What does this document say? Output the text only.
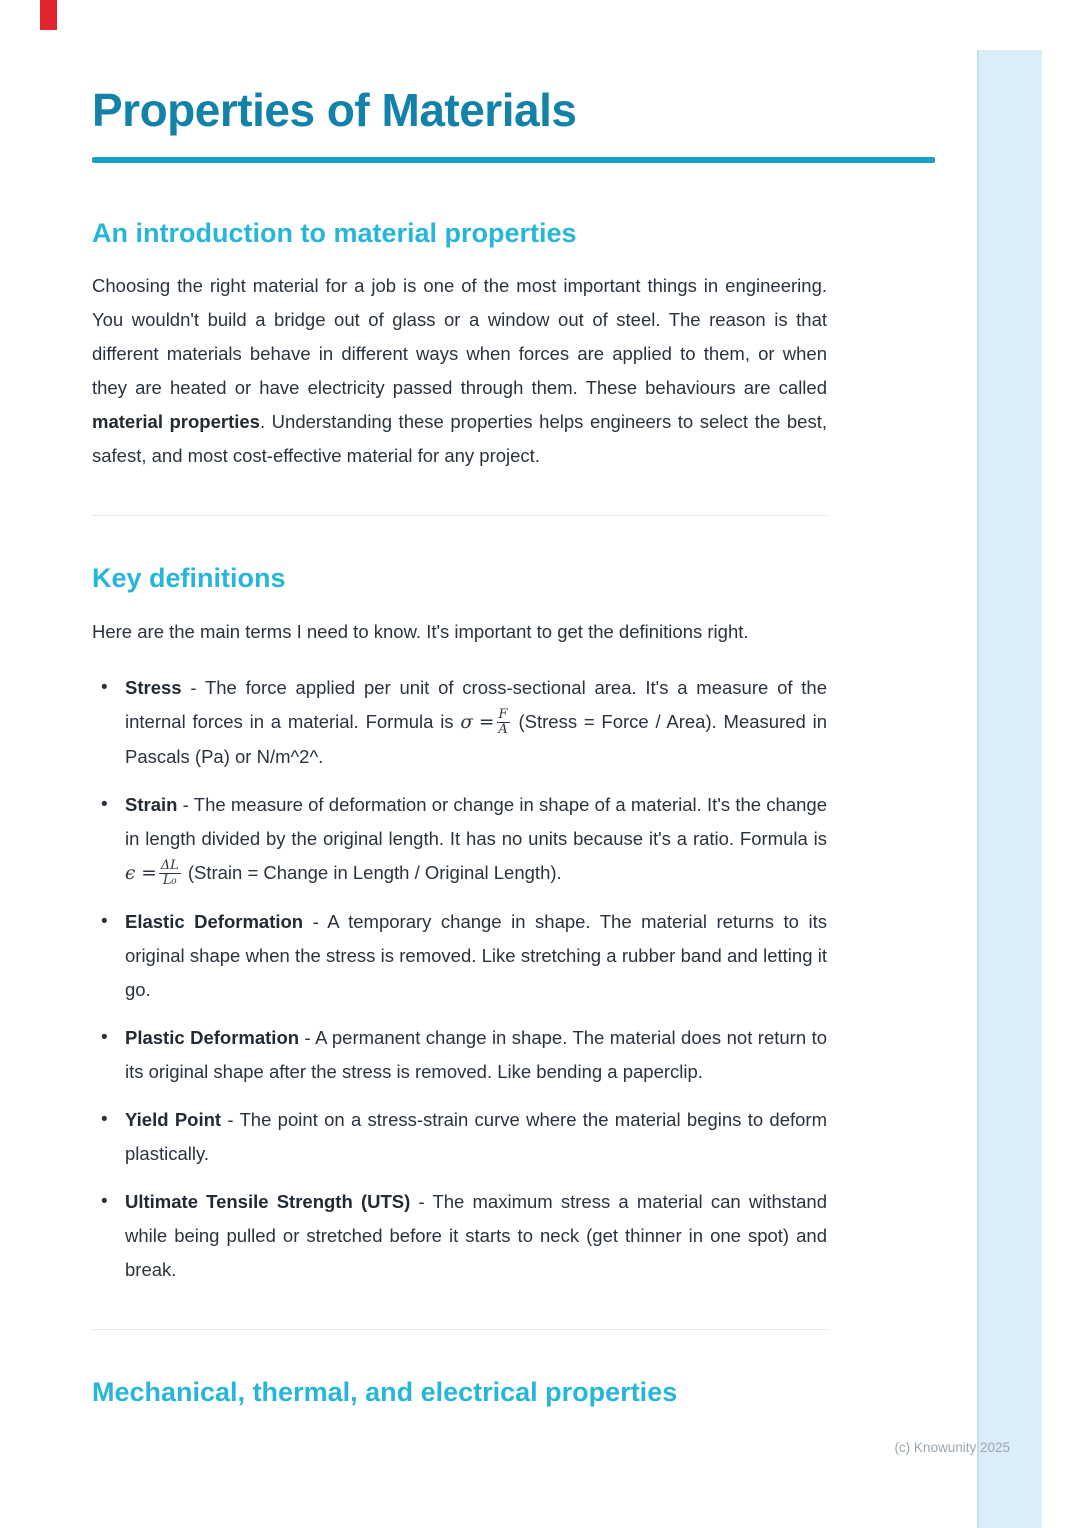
Properties of Materials
An introduction to material properties

Choosing the right material for a job is one of the most important things in engineering. You wouldn't build a bridge out of glass or a window out of steel. The reason is that different materials behave in different ways when forces are applied to them, or when they are heated or have electricity passed through them. These behaviours are called material properties. Understanding these properties helps engineers to select the best, safest, and most cost-effective material for any project.

Key definitions

Here are the main terms I need to know. It's important to get the definitions right.

• Stress - The force applied per unit of cross-sectional area. It's a measure of the internal forces in a material. Formula is $\sigma = \frac{F}{A}$ (Stress = Force / Area). Measured in Pascals (Pa) or N/m^2^.
• Strain - The measure of deformation or change in shape of a material. It's the change in length divided by the original length. It has no units because it's a ratio. Formula is
$\epsilon = \frac{\Delta L}{\text{L₀}}$ (Strain = Change in Length / Original Length).
• Elastic Deformation - A temporary change in shape. The material returns to its original shape when the stress is removed. Like stretching a rubber band and letting it go.
• Plastic Deformation - A permanent change in shape. The material does not return to its original shape after the stress is removed. Like bending a paperclip.
• Yield Point - The point on a stress-strain curve where the material begins to deform plastically.
• Ultimate Tensile Strength (UTS) - The maximum stress a material can withstand while being pulled or stretched before it starts to neck (get thinner in one spot) and break.
Mechanical, thermal, and electrical properties
(c) Knowunity 2025
